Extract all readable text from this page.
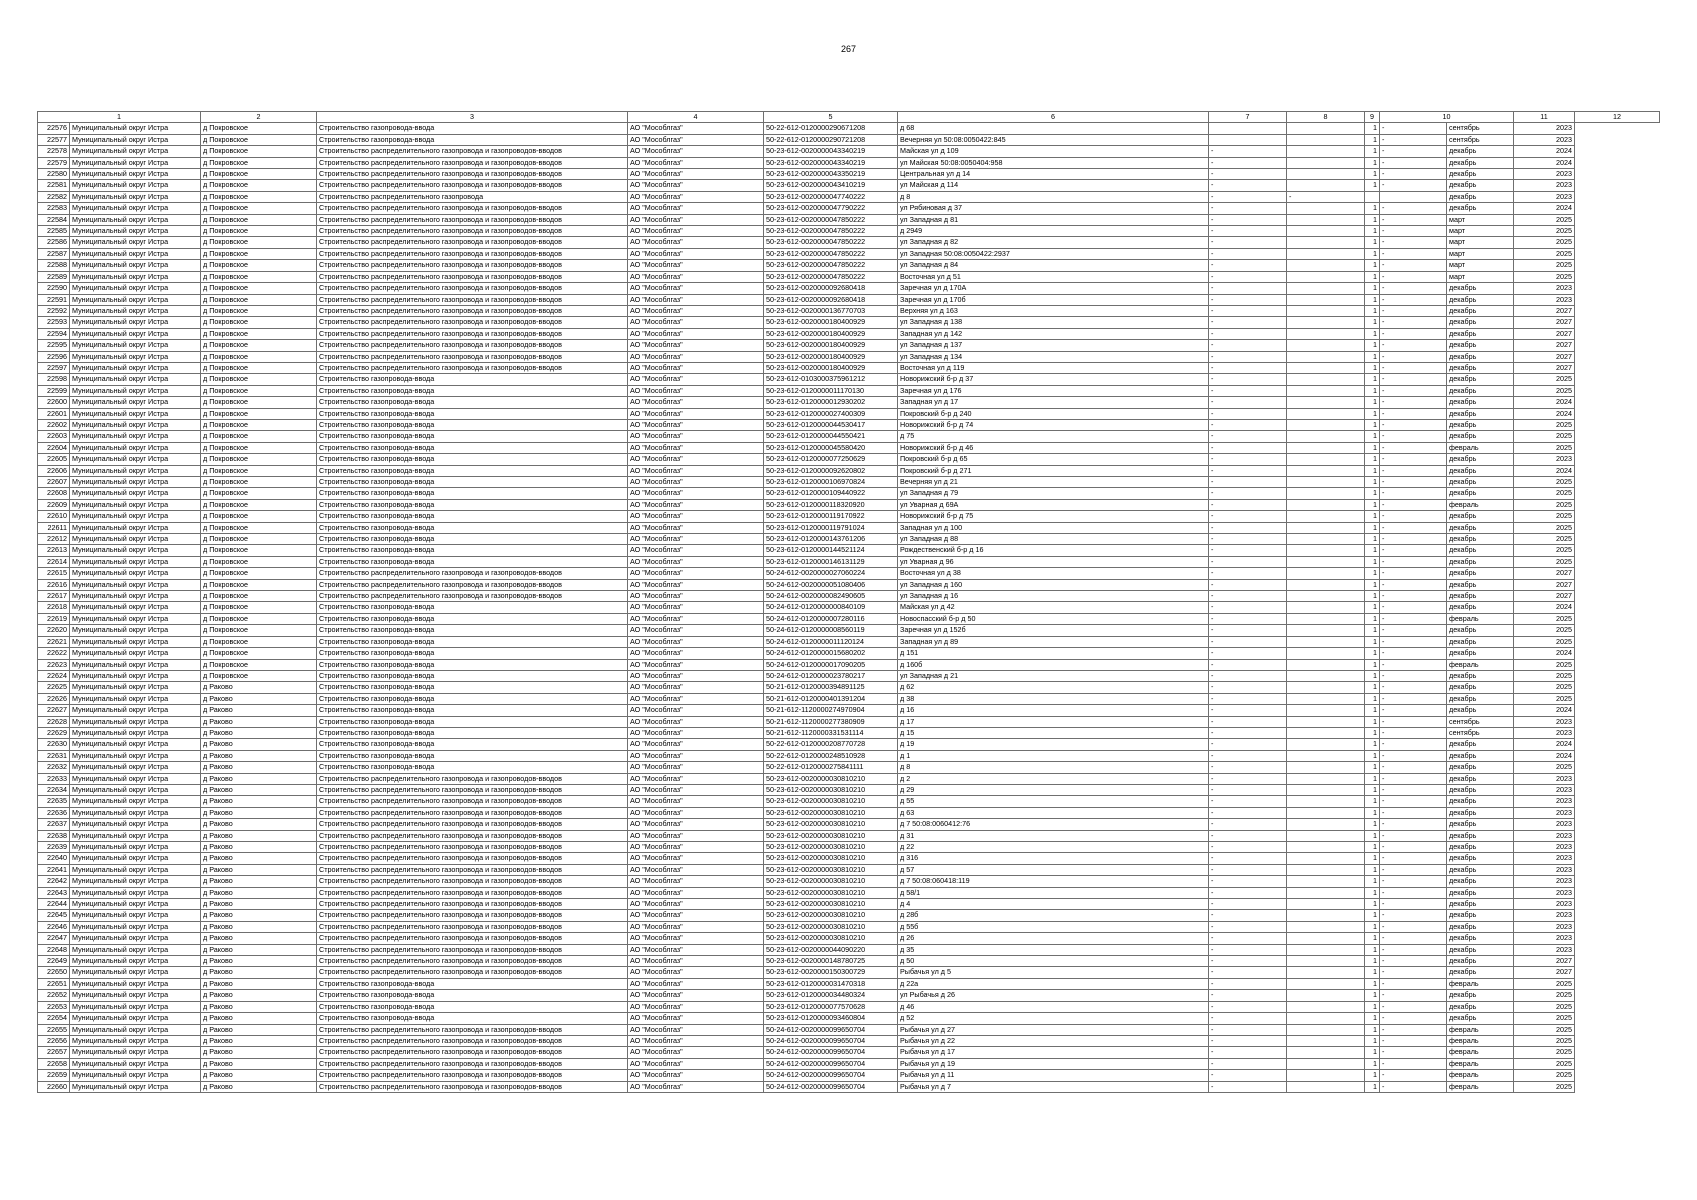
267
1		2	3	4	5	6	7	8	9	10		11	12
22576	Муниципальный округ Истра	д Покровское	Строительство газопровода-ввода	АО "Мособлгаз"	50-22-612-0120000290671208	д 68			1	-	сентябрь	2023	
22577	Муниципальный округ Истра	д Покровское	Строительство газопровода-ввода	АО "Мособлгаз"	50-22-612-0120000290721208	Вечерняя ул 50:08:0050422:845			1	-	сентябрь	2023	
22578	Муниципальный округ Истра	д Покровское	Строительство распределительного газопровода и газопроводов-вводов	АО "Мособлгаз"	50-23-612-0020000043340219	Майская ул д 109	-		1	-	декабрь	2024	
22579	Муниципальный округ Истра	д Покровское	Строительство распределительного газопровода и газопроводов-вводов	АО "Мособлгаз"	50-23-612-0020000043340219	ул Майская 50:08:0050404:958	-		1	-	декабрь	2024	
22580	Муниципальный округ Истра	д Покровское	Строительство распределительного газопровода и газопроводов-вводов	АО "Мособлгаз"	50-23-612-0020000043350219	Центральная ул д 14	-		1	-	декабрь	2023	
22581	Муниципальный округ Истра	д Покровское	Строительство распределительного газопровода и газопроводов-вводов	АО "Мособлгаз"	50-23-612-0020000043410219	ул Майская д 114	-		1	-	декабрь	2023	
22582	Муниципальный округ Истра	д Покровское	Строительство распределительного газопровода	АО "Мособлгаз"	50-23-612-0020000047740222	д 8	-	-			декабрь	2023	
22583	Муниципальный округ Истра	д Покровское	Строительство распределительного газопровода и газопроводов-вводов	АО "Мособлгаз"	50-23-612-0020000047790222	ул Рябиновая д 37	-		1	-	декабрь	2024	
22584	Муниципальный округ Истра	д Покровское	Строительство распределительного газопровода и газопроводов-вводов	АО "Мособлгаз"	50-23-612-0020000047850222	ул Западная д 81	-		1	-	март	2025	
22585	Муниципальный округ Истра	д Покровское	Строительство распределительного газопровода и газопроводов-вводов	АО "Мособлгаз"	50-23-612-0020000047850222	д 2949	-		1	-	март	2025	
22586	Муниципальный округ Истра	д Покровское	Строительство распределительного газопровода и газопроводов-вводов	АО "Мособлгаз"	50-23-612-0020000047850222	ул Западная д 82	-		1	-	март	2025	
22587	Муниципальный округ Истра	д Покровское	Строительство распределительного газопровода и газопроводов-вводов	АО "Мособлгаз"	50-23-612-0020000047850222	ул Западная 50:08:0050422:2937	-		1	-	март	2025	
22588	Муниципальный округ Истра	д Покровское	Строительство распределительного газопровода и газопроводов-вводов	АО "Мособлгаз"	50-23-612-0020000047850222	ул Западная д 84	-		1	-	март	2025	
22589	Муниципальный округ Истра	д Покровское	Строительство распределительного газопровода и газопроводов-вводов	АО "Мособлгаз"	50-23-612-0020000047850222	Восточная ул д 51	-		1	-	март	2025	
22590	Муниципальный округ Истра	д Покровское	Строительство распределительного газопровода и газопроводов-вводов	АО "Мособлгаз"	50-23-612-0020000092680418	Заречная ул д 170А	-		1	-	декабрь	2023	
22591	Муниципальный округ Истра	д Покровское	Строительство распределительного газопровода и газопроводов-вводов	АО "Мособлгаз"	50-23-612-0020000092680418	Заречная ул д 170б	-		1	-	декабрь	2023	
22592	Муниципальный округ Истра	д Покровское	Строительство распределительного газопровода и газопроводов-вводов	АО "Мособлгаз"	50-23-612-0020000136770703	Верхняя ул д 163	-		1	-	декабрь	2027	
22593	Муниципальный округ Истра	д Покровское	Строительство распределительного газопровода и газопроводов-вводов	АО "Мособлгаз"	50-23-612-0020000180400929	ул Западная д 138	-		1	-	декабрь	2027	
22594	Муниципальный округ Истра	д Покровское	Строительство распределительного газопровода и газопроводов-вводов	АО "Мособлгаз"	50-23-612-0020000180400929	Западная ул д 142	-		1	-	декабрь	2027	
22595	Муниципальный округ Истра	д Покровское	Строительство распределительного газопровода и газопроводов-вводов	АО "Мособлгаз"	50-23-612-0020000180400929	ул Западная д 137	-		1	-	декабрь	2027	
22596	Муниципальный округ Истра	д Покровское	Строительство распределительного газопровода и газопроводов-вводов	АО "Мособлгаз"	50-23-612-0020000180400929	ул Западная д 134	-		1	-	декабрь	2027	
22597	Муниципальный округ Истра	д Покровское	Строительство распределительного газопровода и газопроводов-вводов	АО "Мособлгаз"	50-23-612-0020000180400929	Восточная ул д 119	-		1	-	декабрь	2027	
22598	Муниципальный округ Истра	д Покровское	Строительство газопровода-ввода	АО "Мособлгаз"	50-23-612-0103000375961212	Новорижский б-р д 37	-		1	-	декабрь	2025	
22599	Муниципальный округ Истра	д Покровское	Строительство газопровода-ввода	АО "Мособлгаз"	50-23-612-0120000011170130	Заречная ул д 176	-		1	-	декабрь	2025	
22600	Муниципальный округ Истра	д Покровское	Строительство газопровода-ввода	АО "Мособлгаз"	50-23-612-0120000012930202	Западная ул д 17	-		1	-	декабрь	2024	
22601	Муниципальный округ Истра	д Покровское	Строительство газопровода-ввода	АО "Мособлгаз"	50-23-612-0120000027400309	Покровский б-р д 240	-		1	-	декабрь	2024	
22602	Муниципальный округ Истра	д Покровское	Строительство газопровода-ввода	АО "Мособлгаз"	50-23-612-0120000044530417	Новорижский б-р д 74	-		1	-	декабрь	2025	
22603	Муниципальный округ Истра	д Покровское	Строительство газопровода-ввода	АО "Мособлгаз"	50-23-612-0120000044550421	д 75	-		1	-	декабрь	2025	
22604	Муниципальный округ Истра	д Покровское	Строительство газопровода-ввода	АО "Мособлгаз"	50-23-612-0120000045580420	Новорижский б-р д 46	-		1	-	февраль	2025	
22605	Муниципальный округ Истра	д Покровское	Строительство газопровода-ввода	АО "Мособлгаз"	50-23-612-0120000077250629	Покровский б-р д 65	-		1	-	декабрь	2023	
22606	Муниципальный округ Истра	д Покровское	Строительство газопровода-ввода	АО "Мособлгаз"	50-23-612-0120000092620802	Покровский б-р д 271	-		1	-	декабрь	2024	
22607	Муниципальный округ Истра	д Покровское	Строительство газопровода-ввода	АО "Мособлгаз"	50-23-612-0120000106970824	Вечерняя ул д 21	-		1	-	декабрь	2025	
22608	Муниципальный округ Истра	д Покровское	Строительство газопровода-ввода	АО "Мособлгаз"	50-23-612-0120000109440922	ул Западная д 79	-		1	-	декабрь	2025	
22609	Муниципальный округ Истра	д Покровское	Строительство газопровода-ввода	АО "Мособлгаз"	50-23-612-0120000118320920	ул Уварная д 69А	-		1	-	февраль	2025	
22610	Муниципальный округ Истра	д Покровское	Строительство газопровода-ввода	АО "Мособлгаз"	50-23-612-0120000119170922	Новорижский б-р д 75	-		1	-	декабрь	2025	
22611	Муниципальный округ Истра	д Покровское	Строительство газопровода-ввода	АО "Мособлгаз"	50-23-612-0120000119791024	Западная ул д 100	-		1	-	декабрь	2025	
22612	Муниципальный округ Истра	д Покровское	Строительство газопровода-ввода	АО "Мособлгаз"	50-23-612-0120000143761206	ул Западная д 88	-		1	-	декабрь	2025	
22613	Муниципальный округ Истра	д Покровское	Строительство газопровода-ввода	АО "Мособлгаз"	50-23-612-0120000144521124	Рождественский б-р д 16	-		1	-	декабрь	2025	
22614	Муниципальный округ Истра	д Покровское	Строительство газопровода-ввода	АО "Мособлгаз"	50-23-612-0120000146131129	ул Уварная д 96	-		1	-	декабрь	2025	
22615	Муниципальный округ Истра	д Покровское	Строительство распределительного газопровода и газопроводов-вводов	АО "Мособлгаз"	50-24-612-0020000027060224	Восточная ул д 38	-		1	-	декабрь	2027	
22616	Муниципальный округ Истра	д Покровское	Строительство распределительного газопровода и газопроводов-вводов	АО "Мособлгаз"	50-24-612-0020000051080406	ул Западная д 160	-		1	-	декабрь	2027	
22617	Муниципальный округ Истра	д Покровское	Строительство распределительного газопровода и газопроводов-вводов	АО "Мособлгаз"	50-24-612-0020000082490605	ул Западная д 16	-		1	-	декабрь	2027	
22618	Муниципальный округ Истра	д Покровское	Строительство газопровода-ввода	АО "Мособлгаз"	50-24-612-0120000000840109	Майская ул д 42	-		1	-	декабрь	2024	
22619	Муниципальный округ Истра	д Покровское	Строительство газопровода-ввода	АО "Мособлгаз"	50-24-612-0120000007280116	Новоспасский б-р д 50	-		1	-	февраль	2025	
22620	Муниципальный округ Истра	д Покровское	Строительство газопровода-ввода	АО "Мособлгаз"	50-24-612-0120000008560119	Заречная ул д 152б	-		1	-	декабрь	2025	
22621	Муниципальный округ Истра	д Покровское	Строительство газопровода-ввода	АО "Мособлгаз"	50-24-612-0120000011120124	Западная ул д 89	-		1	-	декабрь	2025	
22622	Муниципальный округ Истра	д Покровское	Строительство газопровода-ввода	АО "Мособлгаз"	50-24-612-0120000015680202	д 151	-		1	-	декабрь	2024	
22623	Муниципальный округ Истра	д Покровское	Строительство газопровода-ввода	АО "Мособлгаз"	50-24-612-0120000017090205	д 160б	-		1	-	февраль	2025	
22624	Муниципальный округ Истра	д Покровское	Строительство газопровода-ввода	АО "Мособлгаз"	50-24-612-0120000023780217	ул Западная д 21	-		1	-	декабрь	2025	
22625	Муниципальный округ Истра	д Раково	Строительство газопровода-ввода	АО "Мособлгаз"	50-21-612-0120000394891125	д 62	-		1	-	декабрь	2025	
22626	Муниципальный округ Истра	д Раково	Строительство газопровода-ввода	АО "Мособлгаз"	50-21-612-0120000401391204	д 38	-		1	-	декабрь	2025	
22627	Муниципальный округ Истра	д Раково	Строительство газопровода-ввода	АО "Мособлгаз"	50-21-612-1120000274970904	д 16	-		1	-	декабрь	2024	
22628	Муниципальный округ Истра	д Раково	Строительство газопровода-ввода	АО "Мособлгаз"	50-21-612-1120000277380909	д 17	-		1	-	сентябрь	2023	
22629	Муниципальный округ Истра	д Раково	Строительство газопровода-ввода	АО "Мособлгаз"	50-21-612-1120000331531114	д 15	-		1	-	сентябрь	2023	
22630	Муниципальный округ Истра	д Раково	Строительство газопровода-ввода	АО "Мособлгаз"	50-22-612-0120000208770728	д 19	-		1	-	декабрь	2024	
22631	Муниципальный округ Истра	д Раково	Строительство газопровода-ввода	АО "Мособлгаз"	50-22-612-0120000248510928	д 1	-		1	-	декабрь	2024	
22632	Муниципальный округ Истра	д Раково	Строительство газопровода-ввода	АО "Мособлгаз"	50-22-612-0120000275841111	д 8	-		1	-	декабрь	2025	
22633	Муниципальный округ Истра	д Раково	Строительство распределительного газопровода и газопроводов-вводов	АО "Мособлгаз"	50-23-612-0020000030810210	д 2	-		1	-	декабрь	2023	
22634	Муниципальный округ Истра	д Раково	Строительство распределительного газопровода и газопроводов-вводов	АО "Мособлгаз"	50-23-612-0020000030810210	д 29	-		1	-	декабрь	2023	
22635	Муниципальный округ Истра	д Раково	Строительство распределительного газопровода и газопроводов-вводов	АО "Мособлгаз"	50-23-612-0020000030810210	д 55	-		1	-	декабрь	2023	
22636	Муниципальный округ Истра	д Раково	Строительство распределительного газопровода и газопроводов-вводов	АО "Мособлгаз"	50-23-612-0020000030810210	д 63	-		1	-	декабрь	2023	
22637	Муниципальный округ Истра	д Раково	Строительство распределительного газопровода и газопроводов-вводов	АО "Мособлгаз"	50-23-612-0020000030810210	д 7 50:08:0060412:76	-		1	-	декабрь	2023	
22638	Муниципальный округ Истра	д Раково	Строительство распределительного газопровода и газопроводов-вводов	АО "Мособлгаз"	50-23-612-0020000030810210	д 31	-		1	-	декабрь	2023	
22639	Муниципальный округ Истра	д Раково	Строительство распределительного газопровода и газопроводов-вводов	АО "Мособлгаз"	50-23-612-0020000030810210	д 22	-		1	-	декабрь	2023	
22640	Муниципальный округ Истра	д Раково	Строительство распределительного газопровода и газопроводов-вводов	АО "Мособлгаз"	50-23-612-0020000030810210	д 316	-		1	-	декабрь	2023	
22641	Муниципальный округ Истра	д Раково	Строительство распределительного газопровода и газопроводов-вводов	АО "Мособлгаз"	50-23-612-0020000030810210	д 57	-		1	-	декабрь	2023	
22642	Муниципальный округ Истра	д Раково	Строительство распределительного газопровода и газопроводов-вводов	АО "Мособлгаз"	50-23-612-0020000030810210	д 7 50:08:060418:119	-		1	-	декабрь	2023	
22643	Муниципальный округ Истра	д Раково	Строительство распределительного газопровода и газопроводов-вводов	АО "Мособлгаз"	50-23-612-0020000030810210	д 58/1	-		1	-	декабрь	2023	
22644	Муниципальный округ Истра	д Раково	Строительство распределительного газопровода и газопроводов-вводов	АО "Мособлгаз"	50-23-612-0020000030810210	д 4	-		1	-	декабрь	2023	
22645	Муниципальный округ Истра	д Раково	Строительство распределительного газопровода и газопроводов-вводов	АО "Мособлгаз"	50-23-612-0020000030810210	д 28б	-		1	-	декабрь	2023	
22646	Муниципальный округ Истра	д Раково	Строительство распределительного газопровода и газопроводов-вводов	АО "Мособлгаз"	50-23-612-0020000030810210	д 55б	-		1	-	декабрь	2023	
22647	Муниципальный округ Истра	д Раково	Строительство распределительного газопровода и газопроводов-вводов	АО "Мособлгаз"	50-23-612-0020000030810210	д 26	-		1	-	декабрь	2023	
22648	Муниципальный округ Истра	д Раково	Строительство распределительного газопровода и газопроводов-вводов	АО "Мособлгаз"	50-23-612-0020000044090220	д 35	-		1	-	декабрь	2023	
22649	Муниципальный округ Истра	д Раково	Строительство распределительного газопровода и газопроводов-вводов	АО "Мособлгаз"	50-23-612-0020000148780725	д 50	-		1	-	декабрь	2027	
22650	Муниципальный округ Истра	д Раково	Строительство распределительного газопровода и газопроводов-вводов	АО "Мособлгаз"	50-23-612-0020000150300729	Рыбачья ул д 5	-		1	-	декабрь	2027	
22651	Муниципальный округ Истра	д Раково	Строительство газопровода-ввода	АО "Мособлгаз"	50-23-612-0120000031470318	д 22а	-		1	-	февраль	2025	
22652	Муниципальный округ Истра	д Раково	Строительство газопровода-ввода	АО "Мособлгаз"	50-23-612-0120000034480324	ул Рыбачья д 26	-		1	-	декабрь	2025	
22653	Муниципальный округ Истра	д Раково	Строительство газопровода-ввода	АО "Мособлгаз"	50-23-612-0120000077570628	д 46	-		1	-	декабрь	2025	
22654	Муниципальный округ Истра	д Раково	Строительство газопровода-ввода	АО "Мособлгаз"	50-23-612-0120000093460804	д 52	-		1	-	декабрь	2025	
22655	Муниципальный округ Истра	д Раково	Строительство распределительного газопровода и газопроводов-вводов	АО "Мособлгаз"	50-24-612-0020000099650704	Рыбачья ул д 27	-		1	-	февраль	2025	
22656	Муниципальный округ Истра	д Раково	Строительство распределительного газопровода и газопроводов-вводов	АО "Мособлгаз"	50-24-612-0020000099650704	Рыбачья ул д 22	-		1	-	февраль	2025	
22657	Муниципальный округ Истра	д Раково	Строительство распределительного газопровода и газопроводов-вводов	АО "Мособлгаз"	50-24-612-0020000099650704	Рыбачья ул д 17	-		1	-	февраль	2025	
22658	Муниципальный округ Истра	д Раково	Строительство распределительного газопровода и газопроводов-вводов	АО "Мособлгаз"	50-24-612-0020000099650704	Рыбачья ул д 19	-		1	-	февраль	2025	
22659	Муниципальный округ Истра	д Раково	Строительство распределительного газопровода и газопроводов-вводов	АО "Мособлгаз"	50-24-612-0020000099650704	Рыбачья ул д 11	-		1	-	февраль	2025	
22660	Муниципальный округ Истра	д Раково	Строительство распределительного газопровода и газопроводов-вводов	АО "Мособлгаз"	50-24-612-0020000099650704	Рыбачья ул д 7	-		1	-	февраль	2025	
